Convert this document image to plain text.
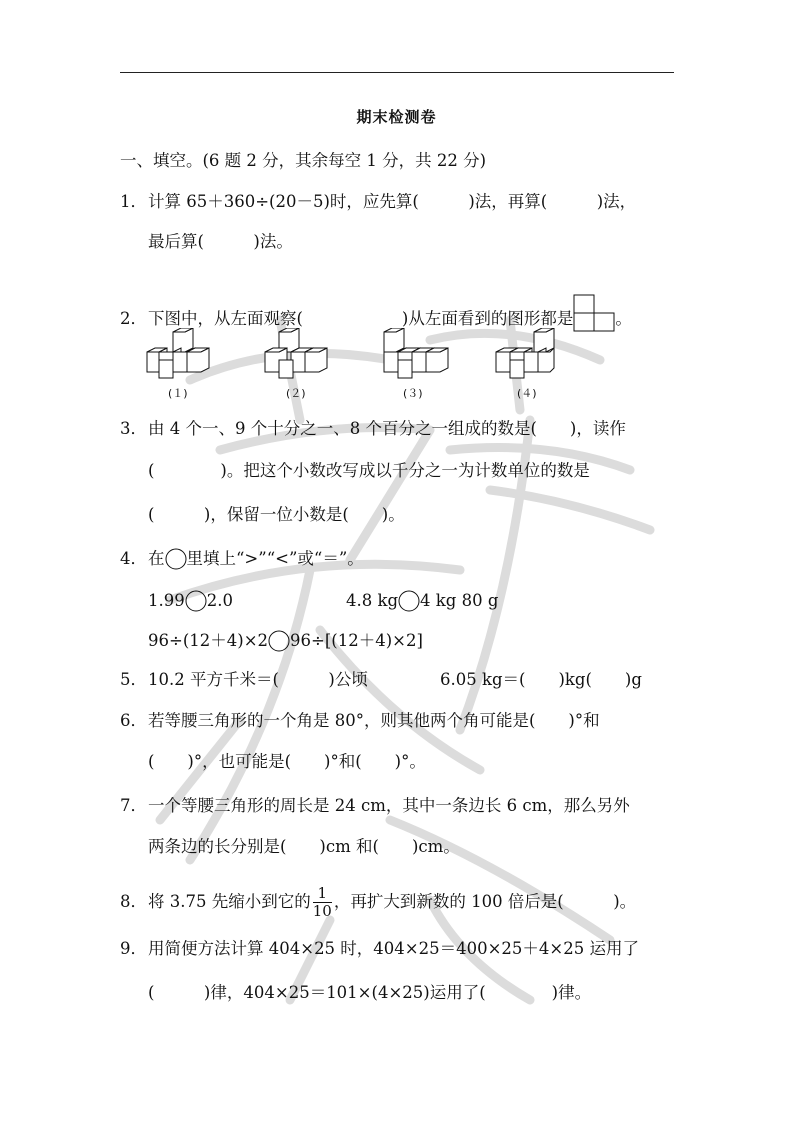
期末检测卷
一、填空。(6 题 2 分，其余每空 1 分，共 22 分)
1．计算 65＋360÷(20－5)时，应先算(　　　)法，再算(　　　)法，
最后算(　　　)法。
2．下图中，从左面观察(　　　　　　)从左面看到的图形都是	。
(１)	(２)	(３)	(４)
3．由 4 个一、9 个十分之一、8 个百分之一组成的数是(　　)，读作
(　　　　)。把这个小数改写成以千分之一为计数单位的数是
(　　　)，保留一位小数是(　　)。
4．在 里填上“>”“<”或“＝”。
1.99 2.0	4.8 kg 4 kg 80 g
96÷(12＋4)×2 96÷[(12＋4)×2]
5．10.2 平方千米＝(　　　)公顷	6.05 kg＝(　　)kg(　　)g
6．若等腰三角形的一个角是 80°，则其他两个角可能是(　　)°和
(　　)°，也可能是(　　)°和(　　)°。
7．一个等腰三角形的周长是 24 cm，其中一条边长 6 cm，那么另外
两条边的长分别是(　　)cm 和(　　)cm。
8．将 3.75 先缩小到它的 $\frac{1}{10}$ ，再扩大到新数的 100 倍后是(　　　)。
9．用简便方法计算 404×25 时，404×25＝400×25＋4×25 运用了
(　　　)律，404×25＝101×(4×25)运用了(　　　　)律。
